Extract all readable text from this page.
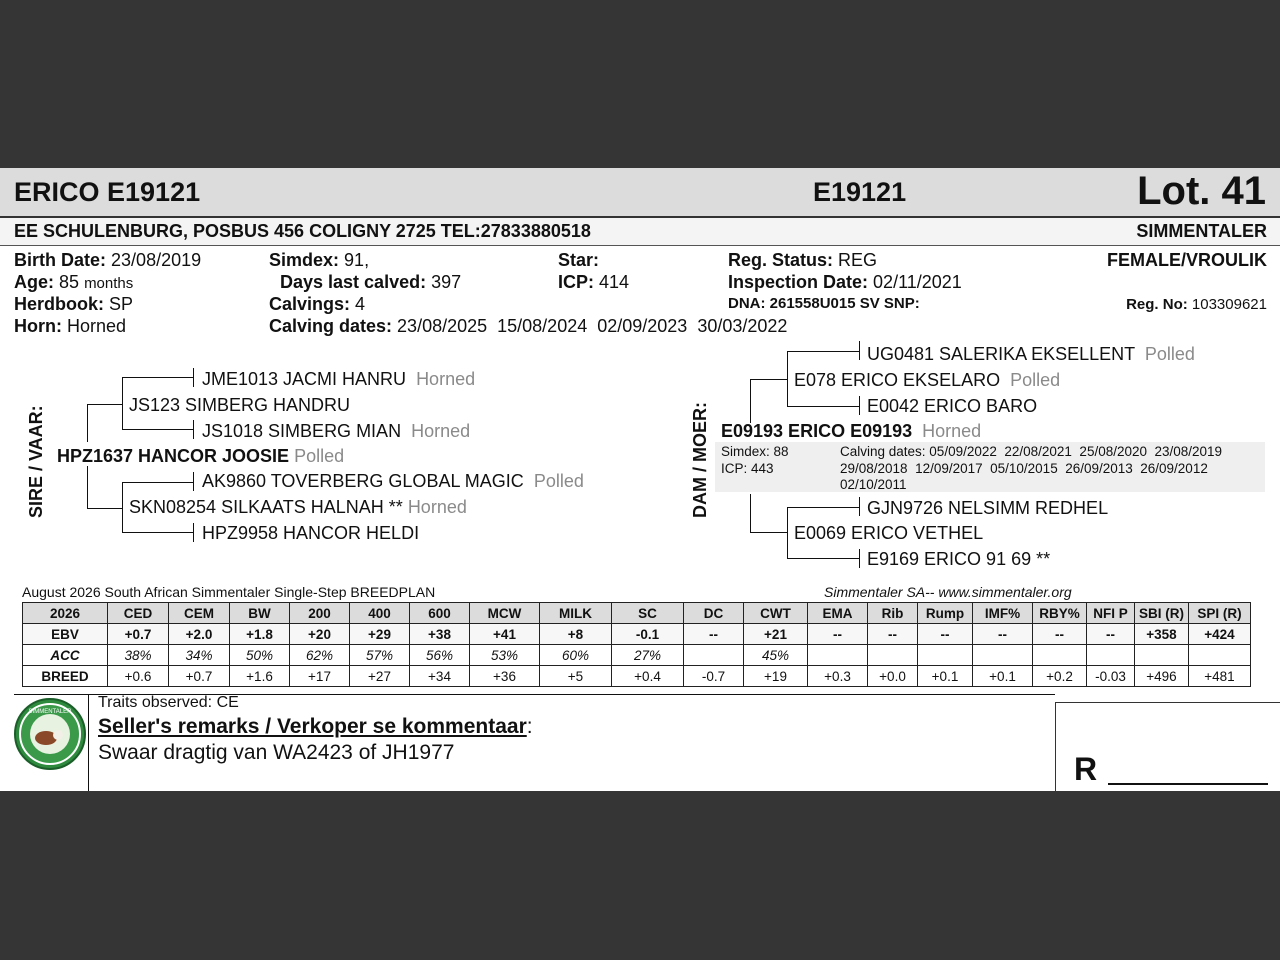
ERICO E19121	E19121	Lot. 41
EE SCHULENBURG, POSBUS 456 COLIGNY 2725 TEL:27833880518	SIMMENTALER
Birth Date: 23/08/2019
Age: 85 months
Herdbook: SP
Horn: Horned
Simdex: 91,
Days last calved: 397
Calvings: 4
Calving dates: 23/08/2025  15/08/2024  02/09/2023  30/03/2022
Star:
ICP: 414
Reg. Status: REG
Inspection Date: 02/11/2021
DNA: 261558U015 SV SNP:
FEMALE/VROULIK
Reg. No: 103309621
SIRE / VAAR:
JME1013 JACMI HANRU Horned
JS123 SIMBERG HANDRU
JS1018 SIMBERG MIAN Horned
HPZ1637 HANCOR JOOSIE Polled
AK9860 TOVERBERG GLOBAL MAGIC Polled
SKN08254 SILKAATS HALNAH ** Horned
HPZ9958 HANCOR HELDI
DAM / MOER:
UG0481 SALERIKA EKSELLENT Polled
E078 ERICO EKSELARO Polled
E0042 ERICO BARO
E09193 ERICO E09193 Horned
Simdex: 88
ICP: 443
Calving dates: 05/09/2022  22/08/2021  25/08/2020  23/08/2019
29/08/2018  12/09/2017  05/10/2015  26/09/2013  26/09/2012
02/10/2011
GJN9726 NELSIMM REDHEL
E0069 ERICO VETHEL
E9169 ERICO 91 69 **
August 2026 South African Simmentaler Single-Step BREEDPLAN	Simmentaler SA-- www.simmentaler.org
2026	CED	CEM	BW	200	400	600	MCW	MILK	SC	DC	CWT	EMA	Rib	Rump	IMF%	RBY%	NFI P	SBI (R)	SPI (R)
EBV	+0.7	+2.0	+1.8	+20	+29	+38	+41	+8	-0.1	--	+21	--	--	--	--	--	--	+358	+424
ACC	38%	34%	50%	62%	57%	56%	53%	60%	27%		45%								
BREED	+0.6	+0.7	+1.6	+17	+27	+34	+36	+5	+0.4	-0.7	+19	+0.3	+0.0	+0.1	+0.1	+0.2	-0.03	+496	+481
SIMMENTALER
Traits observed: CE
Seller's remarks / Verkoper se kommentaar:
Swaar dragtig van WA2423 of JH1977	R
